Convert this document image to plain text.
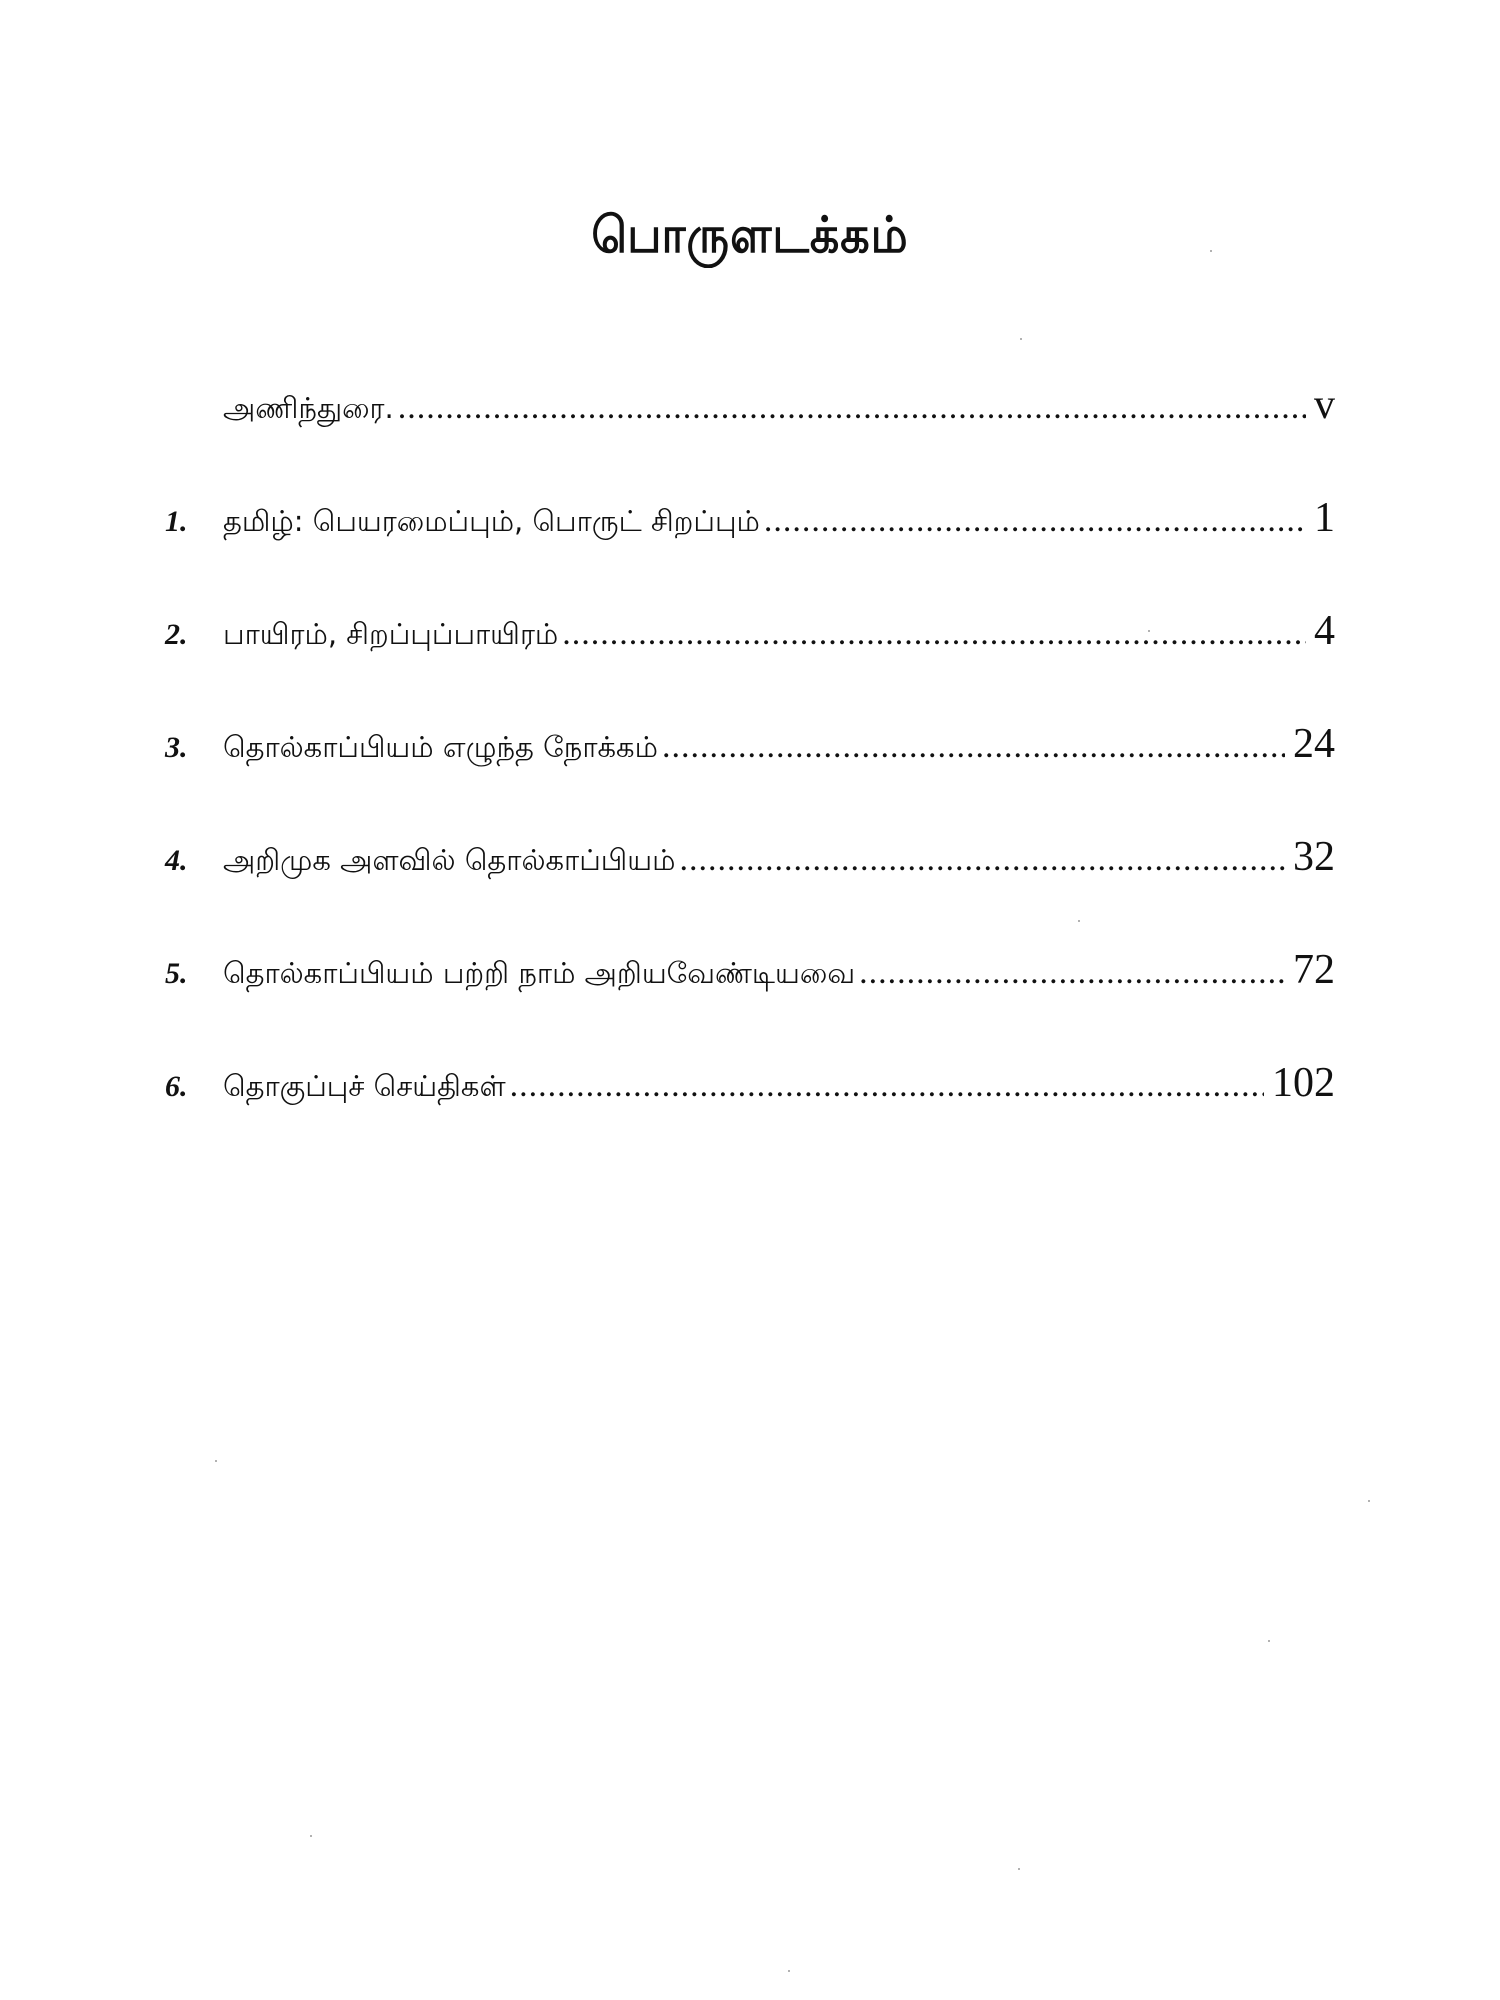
பொருளடக்கம்
அணிந்துரை. .....	v
1.	தமிழ்: பெயரமைப்பும், பொருட் சிறப்பும் .....	1
2.	பாயிரம், சிறப்புப்பாயிரம் .....	4
3.	தொல்காப்பியம் எழுந்த நோக்கம் .....	24
4.	அறிமுக அளவில் தொல்காப்பியம் .....	32
5.	தொல்காப்பியம் பற்றி நாம் அறியவேண்டியவை .....	72
6.	தொகுப்புச் செய்திகள் .....	102
